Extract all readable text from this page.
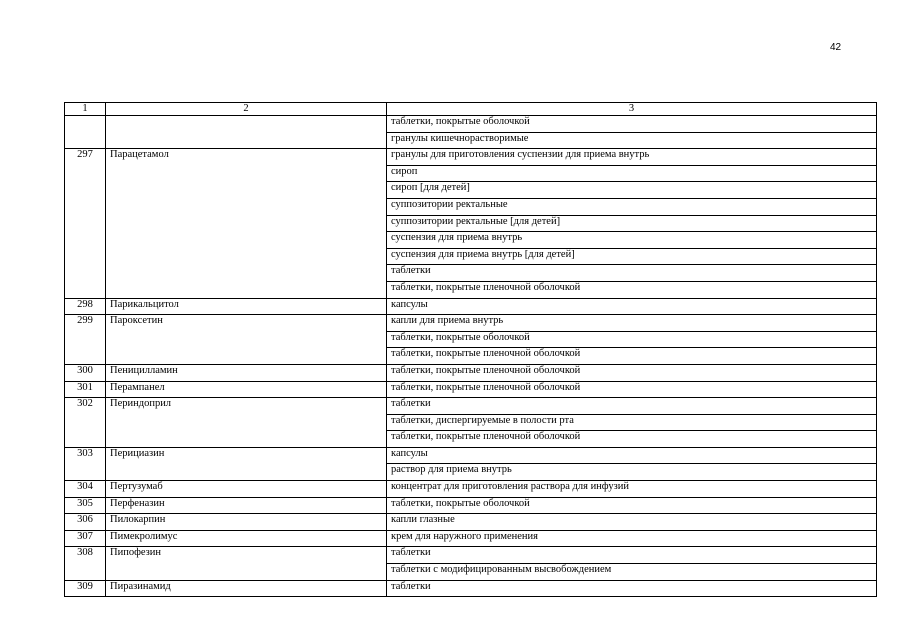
42
1	2	3
		таблетки, покрытые оболочкой
		гранулы кишечнорастворимые
297	Парацетамол	гранулы для приготовления суспензии для приема внутрь
		сироп
		сироп [для детей]
		суппозитории ректальные
		суппозитории ректальные [для детей]
		суспензия для приема внутрь
		суспензия для приема внутрь [для детей]
		таблетки
		таблетки, покрытые пленочной оболочкой
298	Парикальцитол	капсулы
299	Пароксетин	капли для приема внутрь
		таблетки, покрытые оболочкой
		таблетки, покрытые пленочной оболочкой
300	Пеницилламин	таблетки, покрытые пленочной оболочкой
301	Перампанел	таблетки, покрытые пленочной оболочкой
302	Периндоприл	таблетки
		таблетки, диспергируемые в полости рта
		таблетки, покрытые пленочной оболочкой
303	Перициазин	капсулы
		раствор для приема внутрь
304	Пертузумаб	концентрат для приготовления раствора для инфузий
305	Перфеназин	таблетки, покрытые оболочкой
306	Пилокарпин	капли глазные
307	Пимекролимус	крем для наружного применения
308	Пипофезин	таблетки
		таблетки с модифицированным высвобождением
309	Пиразинамид	таблетки
